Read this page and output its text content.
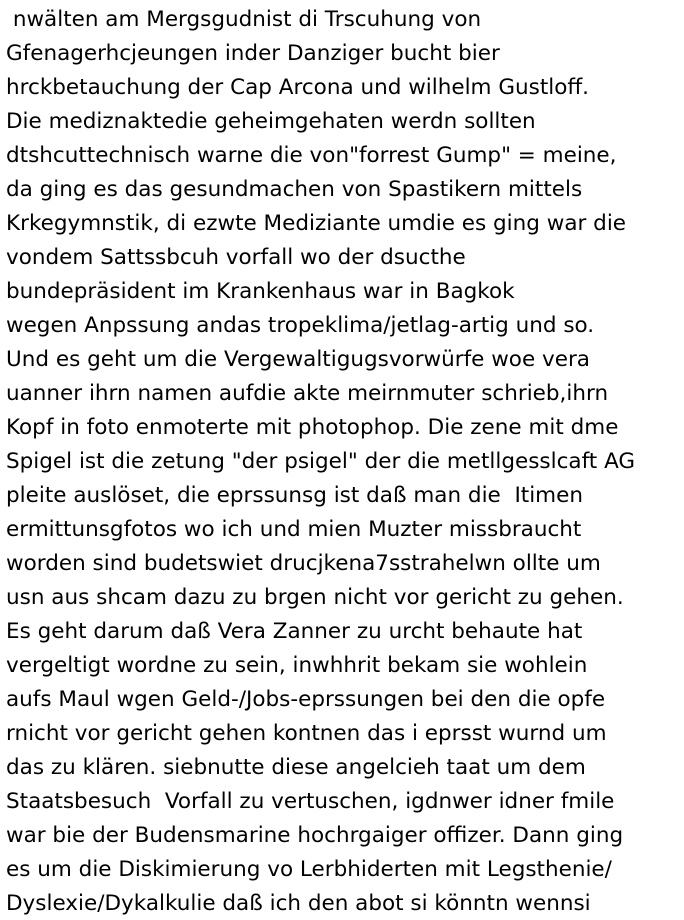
nwälten am Mergsgudnist di Trscuhung von
Gfenagerhcjeungen inder Danziger bucht bier
hrckbetauchung der Cap Arcona und wilhelm Gustloff.
Die mediznaktedie geheimgehaten werdn sollten
dtshcuttechnisch warne die von"forrest Gump" = meine,
da ging es das gesundmachen von Spastikern mittels
Krkegymnstik, di ezwte Mediziante umdie es ging war die
vondem Sattssbcuh vorfall wo der dsucthe
bundepräsident im Krankenhaus war in Bagkok
wegen Anpssung andas tropeklima/jetlag-artig und so.
Und es geht um die Vergewaltigugsvorwürfe woe vera
uanner ihrn namen aufdie akte meirnmuter schrieb,ihrn
Kopf in foto enmoterte mit photophop. Die zene mit dme
Spigel ist die zetung "der psigel" der die metllgesslcaft AG
pleite auslöset, die eprssunsg ist daß man die  Itimen
ermittunsgfotos wo ich und mien Muzter missbraucht
worden sind budetswiet drucjkena7sstrahelwn ollte um
usn aus shcam dazu zu brgen nicht vor gericht zu gehen.
Es geht darum daß Vera Zanner zu urcht behaute hat
vergeltigt wordne zu sein, inwhhrit bekam sie wohlein
aufs Maul wgen Geld-/Jobs-eprssungen bei den die opfe
rnicht vor gericht gehen kontnen das i eprsst wurnd um
das zu klären. siebnutte diese angelcieh taat um dem
Staatsbesuch  Vorfall zu vertuschen, igdnwer idner fmile
war bie der Budensmarine hochrgaiger offizer. Dann ging
es um die Diskimierung vo Lerbhiderten mit Legsthenie/
Dyslexie/Dykalkulie daß ich den abot si könntn wennsi
